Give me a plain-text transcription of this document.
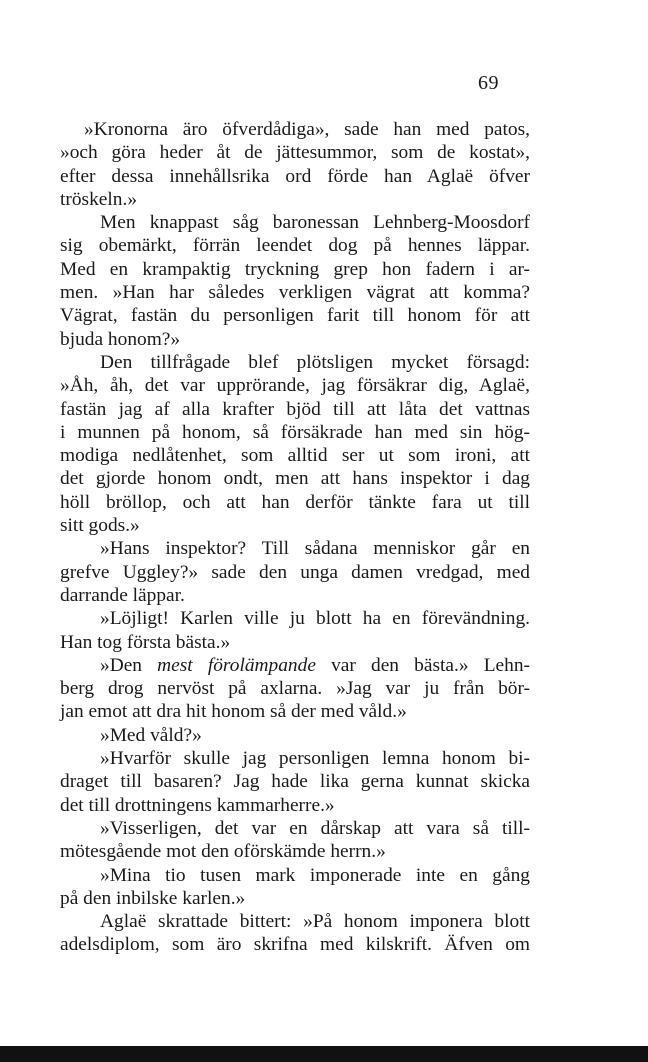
69
»Kronorna äro öfverdådiga», sade han med patos,
»och göra heder åt de jättesummor, som de kostat»,
efter dessa innehållsrika ord förde han Aglaë öfver
tröskeln.»
Men knappast såg baronessan Lehnberg-Moosdorf
sig obemärkt, förrän leendet dog på hennes läppar.
Med en krampaktig tryckning grep hon fadern i ar-
men. »Han har således verkligen vägrat att komma?
Vägrat, fastän du personligen farit till honom för att
bjuda honom?»
Den tillfrågade blef plötsligen mycket försagd:
»Åh, åh, det var upprörande, jag försäkrar dig, Aglaë,
fastän jag af alla krafter bjöd till att låta det vattnas
i munnen på honom, så försäkrade han med sin hög-
modiga nedlåtenhet, som alltid ser ut som ironi, att
det gjorde honom ondt, men att hans inspektor i dag
höll bröllop, och att han derför tänkte fara ut till
sitt gods.»
»Hans inspektor? Till sådana menniskor går en
grefve Uggley?» sade den unga damen vredgad, med
darrande läppar.
»Löjligt! Karlen ville ju blott ha en förevändning.
Han tog första bästa.»
»Den mest förolämpande var den bästa.» Lehn-
berg drog nervöst på axlarna. »Jag var ju från bör-
jan emot att dra hit honom så der med våld.»
»Med våld?»
»Hvarför skulle jag personligen lemna honom bi-
draget till basaren? Jag hade lika gerna kunnat skicka
det till drottningens kammarherre.»
»Visserligen, det var en dårskap att vara så till-
mötesgående mot den oförskämde herrn.»
»Mina tio tusen mark imponerade inte en gång
på den inbilske karlen.»
Aglaë skrattade bittert: »På honom imponera blott
adelsdiplom, som äro skrifna med kilskrift. Äfven om
